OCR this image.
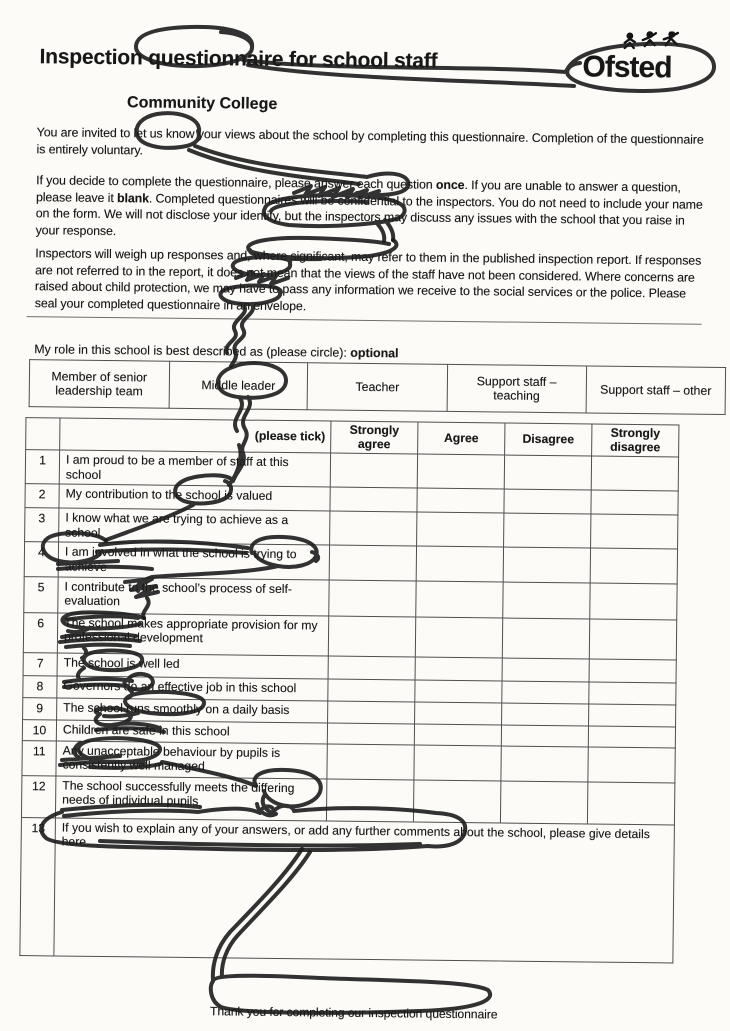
Inspection questionnaire for school staff	Ofsted
Community College

You are invited to let us know your views about the school by completing this questionnaire. Completion of the questionnaire is entirely voluntary.

If you decide to complete the questionnaire, please answer each question once. If you are unable to answer a question, please leave it blank. Completed questionnaires will be confidential to the inspectors. You do not need to include your name on the form. We will not disclose your identity, but the inspectors may discuss any issues with the school that you raise in your response.

Inspectors will weigh up responses and, where significant, may refer to them in the published inspection report. If responses are not referred to in the report, it does not mean that the views of the staff have not been considered. Where concerns are raised about child protection, we may have to pass any information we receive to the social services or the police. Please seal your completed questionnaire in an envelope.

My role in this school is best described as (please circle): optional

Member of senior leadership team	Middle leader	Teacher	Support staff – teaching	Support staff – other
	(please tick)	Strongly agree	Agree	Disagree	Strongly disagree
1	I am proud to be a member of staff at this school				
2	My contribution to the school is valued				
3	I know what we are trying to achieve as a school				
4	I am involved in what the school is trying to achieve				
5	I contribute to the school’s process of self-evaluation				
6	The school makes appropriate provision for my professional development				
7	The school is well led				
8	Governors do an effective job in this school				
9	The school runs smoothly on a daily basis				
10	Children are safe in this school				
11	Any unacceptable behaviour by pupils is consistently well managed				
12	The school successfully meets the differing needs of individual pupils				
13	If you wish to explain any of your answers, or add any further comments about the school, please give details here.				

Thank you for completing our inspection questionnaire
